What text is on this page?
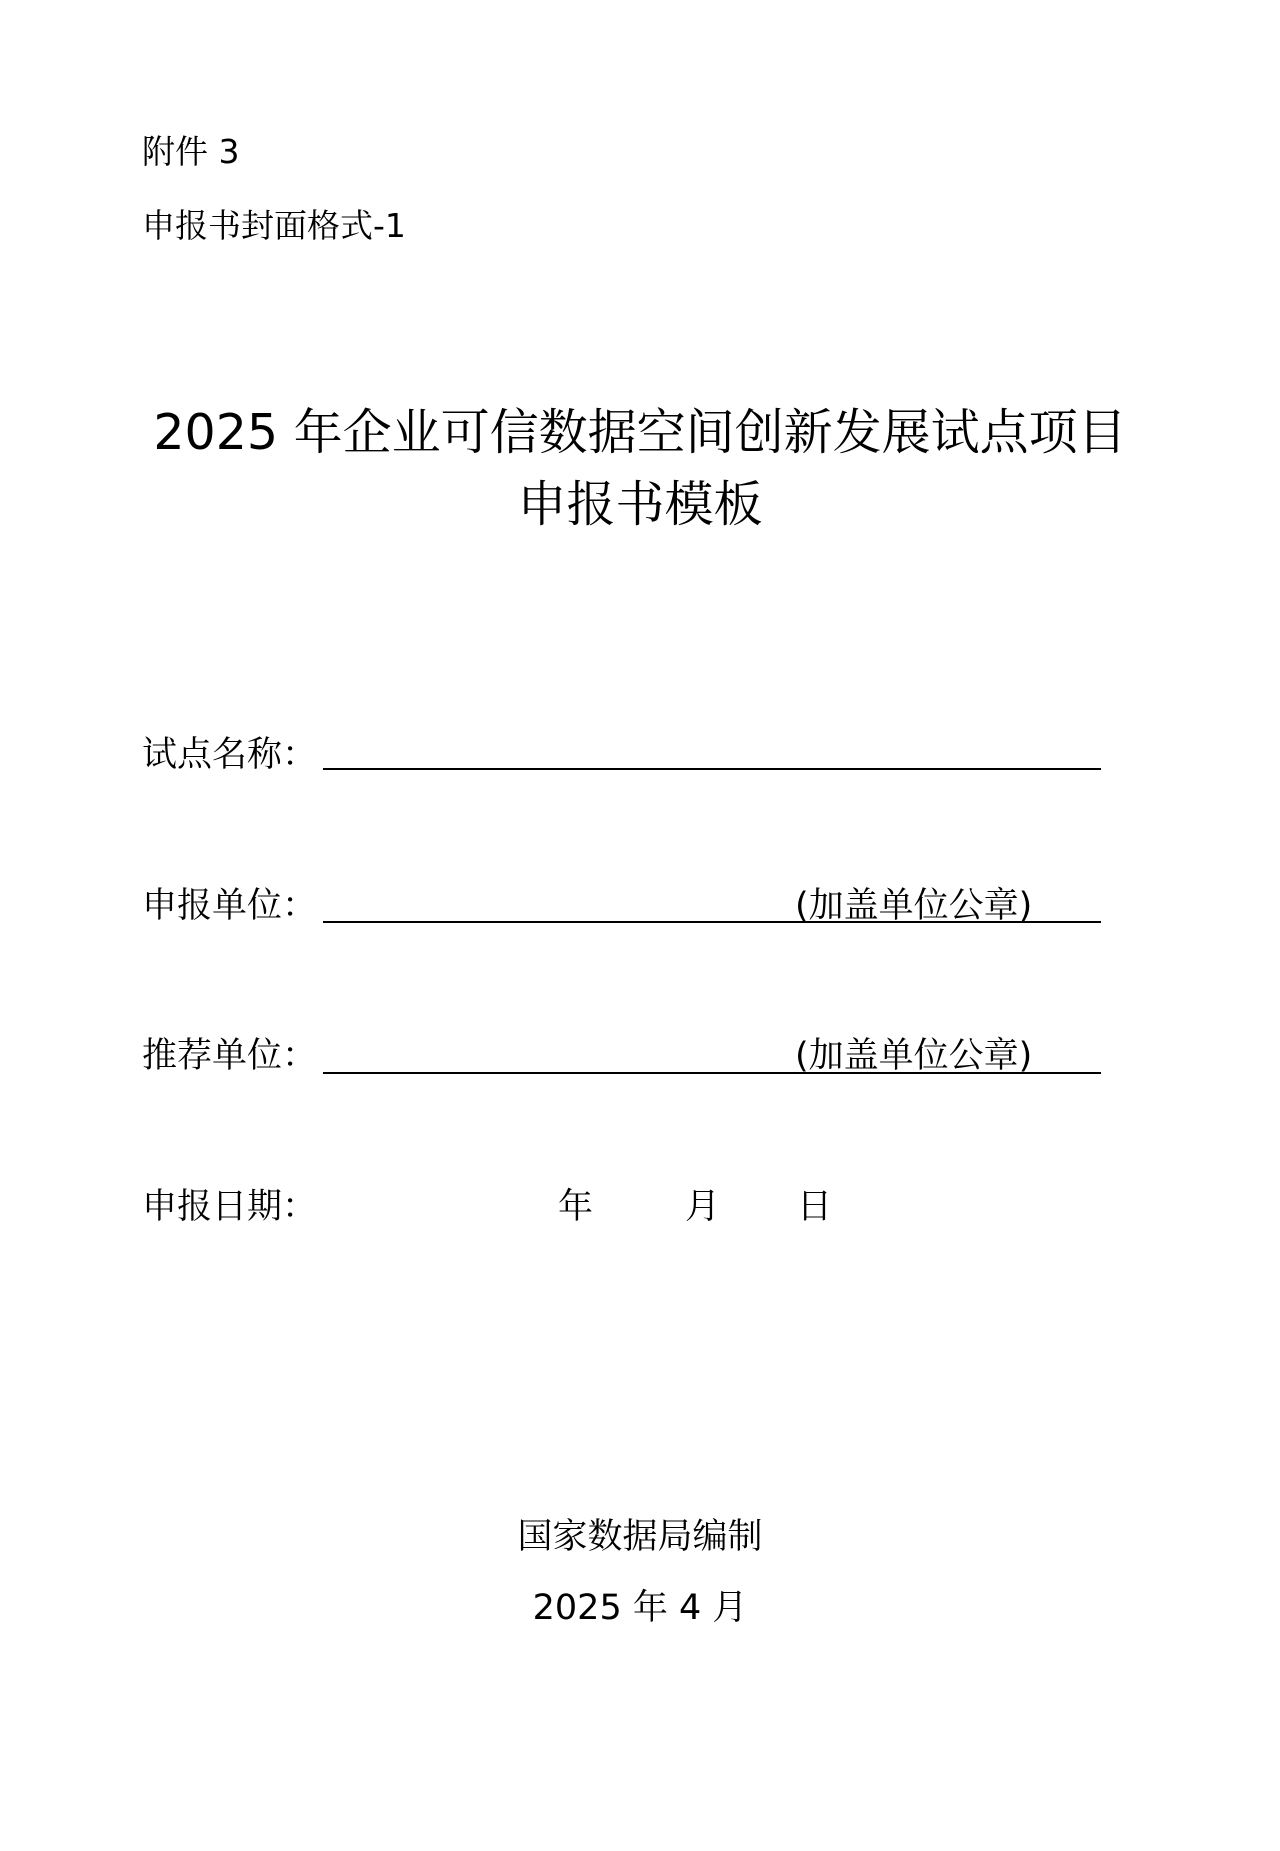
附件 3
申报书封面格式-1
2025 年企业可信数据空间创新发展试点项目
申报书模板
试点名称：
申报单位：	(加盖单位公章)
推荐单位：	(加盖单位公章)
申报日期：	年	月 日
国家数据局编制
2025 年 4 月
